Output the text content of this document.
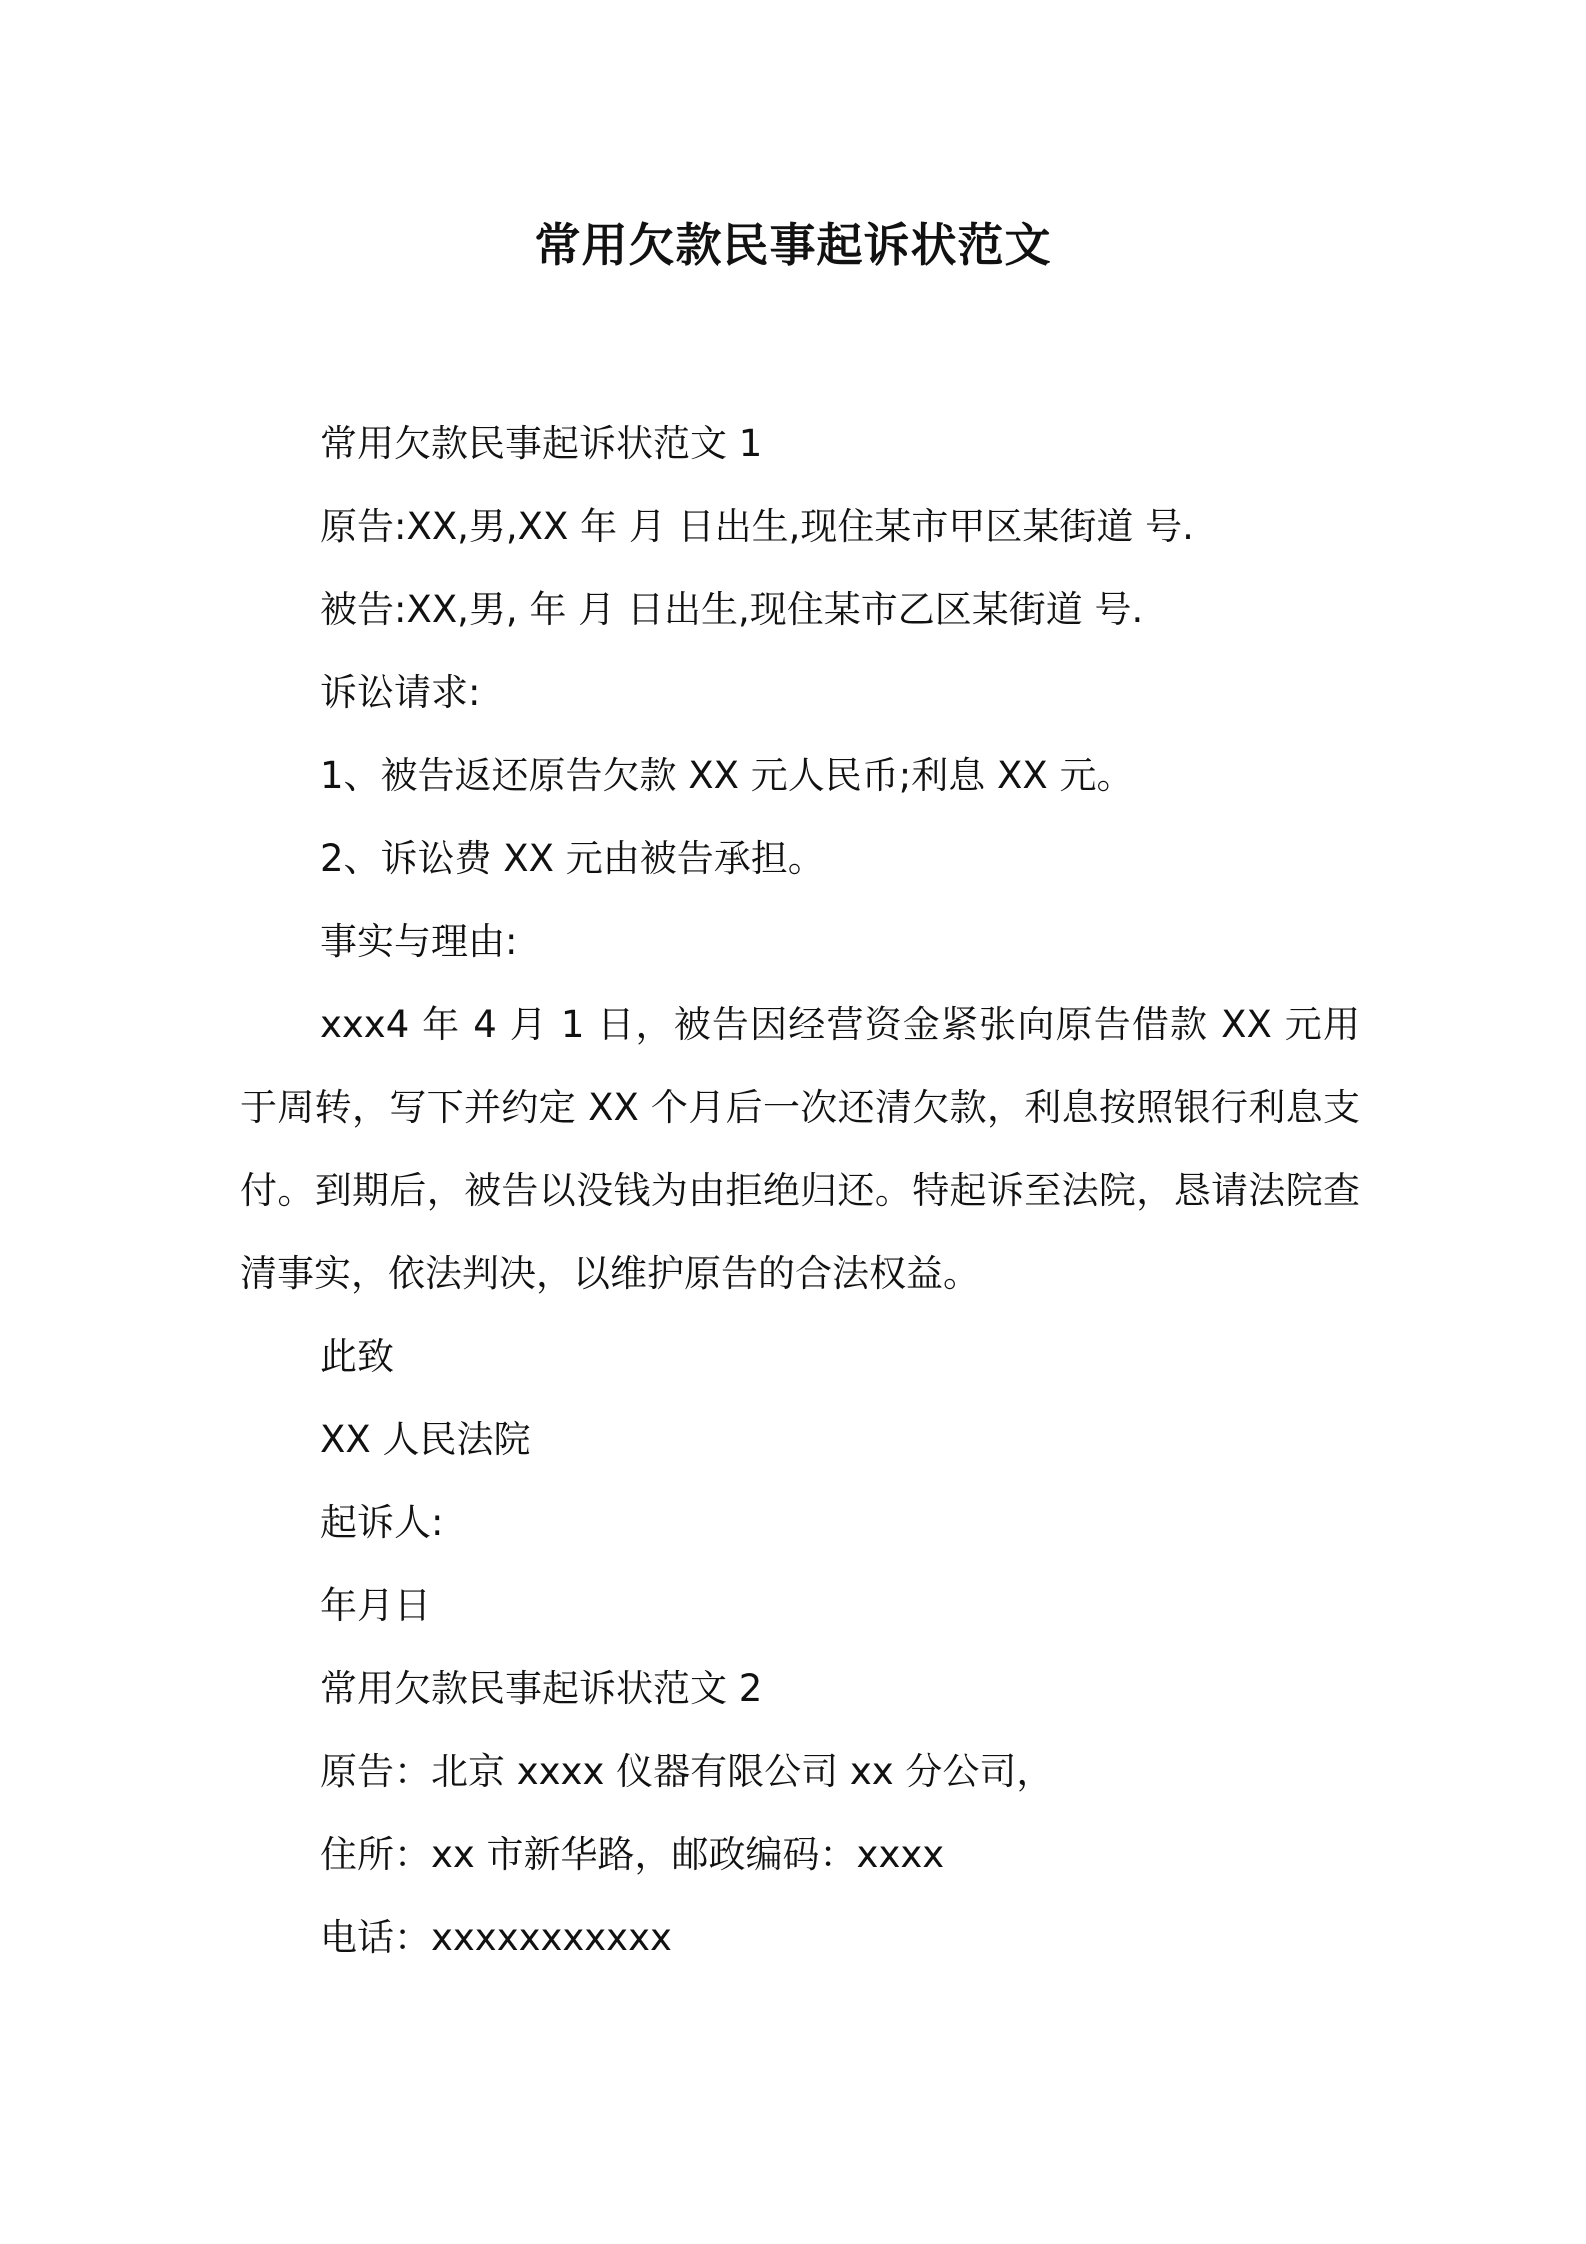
常用欠款民事起诉状范文
常用欠款民事起诉状范文 1
原告:XX,男,XX 年 月 日出生,现住某市甲区某街道 号.
被告:XX,男, 年 月 日出生,现住某市乙区某街道 号.
诉讼请求:
1、被告返还原告欠款 XX 元人民币;利息 XX 元。
2、诉讼费 XX 元由被告承担。
事实与理由:

xxx4 年 4 月 1 日，被告因经营资金紧张向原告借款 XX 元用于周转，写下并约定 XX 个月后一次还清欠款，利息按照银行利息支付。到期后，被告以没钱为由拒绝归还。特起诉至法院，恳请法院查清事实，依法判决，以维护原告的合法权益。

此致
XX 人民法院
起诉人:
年月日
常用欠款民事起诉状范文 2
原告：北京 xxxx 仪器有限公司 xx 分公司，
住所：xx 市新华路，邮政编码：xxxx
电话：xxxxxxxxxxx
